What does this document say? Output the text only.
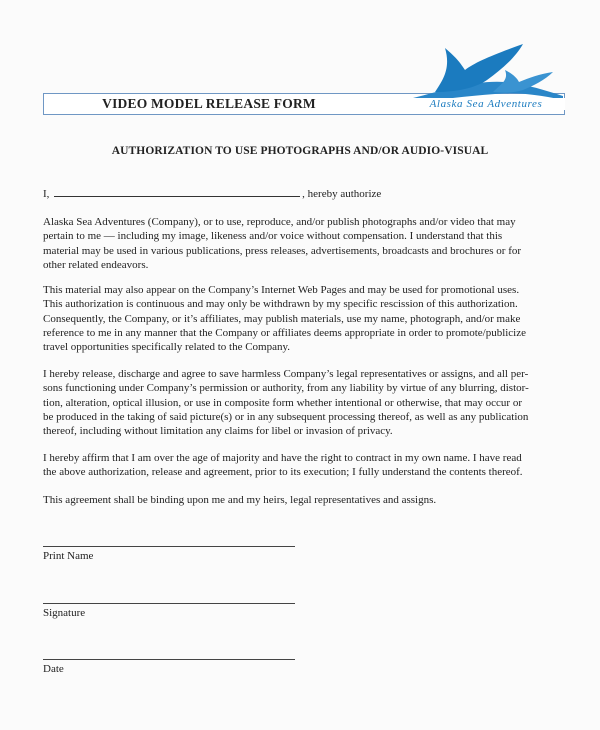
VIDEO MODEL RELEASE FORM	Alaska Sea Adventures
AUTHORIZATION TO USE PHOTOGRAPHS AND/OR AUDIO-VISUAL
I,	, hereby authorize
Alaska Sea Adventures (Company), or to use, reproduce, and/or publish photographs and/or video that may
pertain to me — including my image, likeness and/or voice without compensation. I understand that this
material may be used in various publications, press releases, advertisements, broadcasts and brochures or for
other related endeavors.
This material may also appear on the Company’s Internet Web Pages and may be used for promotional uses.
This authorization is continuous and may only be withdrawn by my specific rescission of this authorization.
Consequently, the Company, or it’s affiliates, may publish materials, use my name, photograph, and/or make
reference to me in any manner that the Company or affiliates deems appropriate in order to promote/publicize
travel opportunities specifically related to the Company.
I hereby release, discharge and agree to save harmless Company’s legal representatives or assigns, and all per-
sons functioning under Company’s permission or authority, from any liability by virtue of any blurring, distor-
tion, alteration, optical illusion, or use in composite form whether intentional or otherwise, that may occur or
be produced in the taking of said picture(s) or in any subsequent processing thereof, as well as any publication
thereof, including without limitation any claims for libel or invasion of privacy.
I hereby affirm that I am over the age of majority and have the right to contract in my own name. I have read
the above authorization, release and agreement, prior to its execution; I fully understand the contents thereof.
This agreement shall be binding upon me and my heirs, legal representatives and assigns.
Print Name
Signature
Date
